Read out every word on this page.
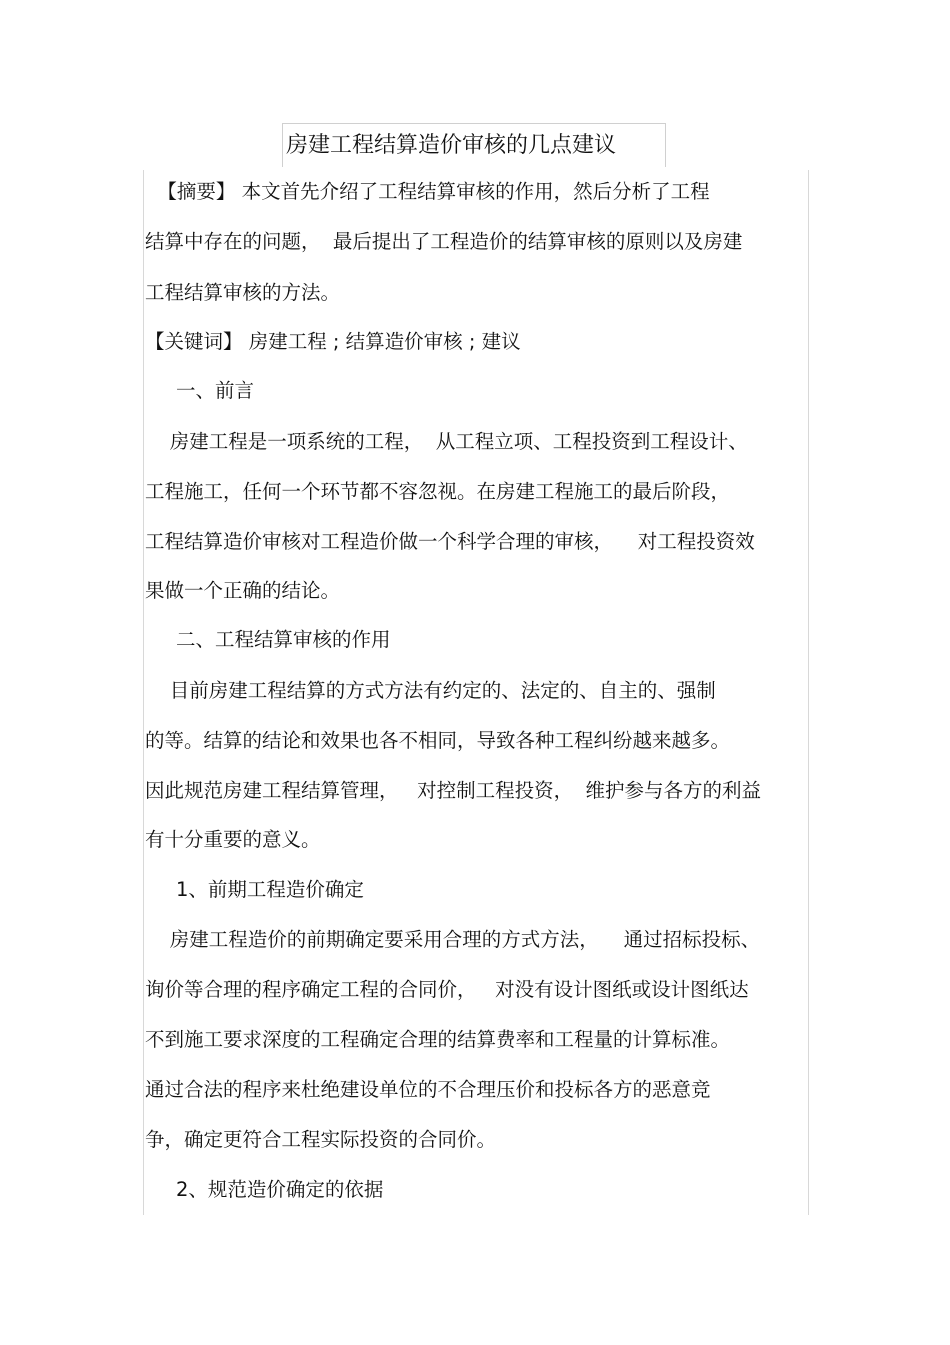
房建工程结算造价审核的几点建议
【摘要】 本文首先介绍了工程结算审核的作用，然后分析了工程
结算中存在的问题，  最后提出了工程造价的结算审核的原则以及房建
工程结算审核的方法。
【关键词】 房建工程 ; 结算造价审核 ; 建议
一、前言
房建工程是一项系统的工程，  从工程立项、工程投资到工程设计、
工程施工，任何一个环节都不容忽视。在房建工程施工的最后阶段，
工程结算造价审核对工程造价做一个科学合理的审核，    对工程投资效
果做一个正确的结论。
二、工程结算审核的作用
目前房建工程结算的方式方法有约定的、法定的、自主的、强制
的等。结算的结论和效果也各不相同，导致各种工程纠纷越来越多。
因此规范房建工程结算管理，   对控制工程投资，  维护参与各方的利益
有十分重要的意义。
1、前期工程造价确定
房建工程造价的前期确定要采用合理的方式方法，    通过招标投标、
询价等合理的程序确定工程的合同价，   对没有设计图纸或设计图纸达
不到施工要求深度的工程确定合理的结算费率和工程量的计算标准。
通过合法的程序来杜绝建设单位的不合理压价和投标各方的恶意竞
争，确定更符合工程实际投资的合同价。
2、规范造价确定的依据
